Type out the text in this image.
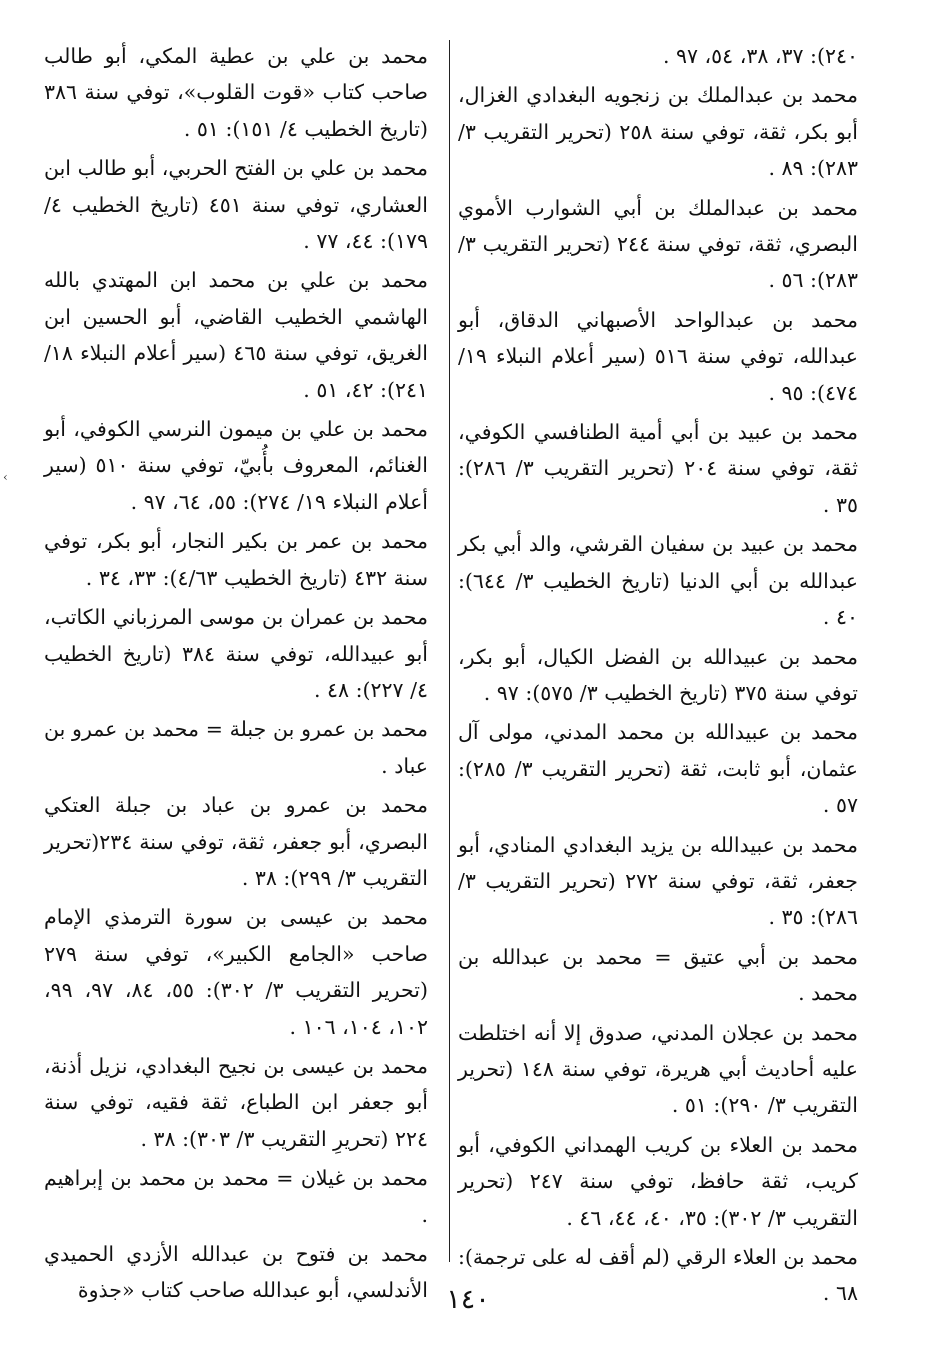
٢٤٠): ٣٧، ٣٨، ٥٤، ٩٧ .

محمد بن عبدالملك بن زنجويه البغدادي الغزال، أبو بكر، ثقة، توفي سنة ٢٥٨ (تحرير التقريب ٣/ ٢٨٣): ٨٩ .

محمد بن عبدالملك بن أبي الشوارب الأموي البصري، ثقة، توفي سنة ٢٤٤ (تحرير التقريب ٣/ ٢٨٣): ٥٦ .

محمد بن عبدالواحد الأصبهاني الدقاق، أبو عبدالله، توفي سنة ٥١٦ (سير أعلام النبلاء ١٩/ ٤٧٤): ٩٥ .

محمد بن عبيد بن أبي أمية الطنافسي الكوفي، ثقة، توفي سنة ٢٠٤ (تحرير التقريب ٣/ ٢٨٦): ٣٥ .

محمد بن عبيد بن سفيان القرشي، والد أبي بكر عبدالله بن أبي الدنيا (تاريخ الخطيب ٣/ ٦٤٤): ٤٠ .

محمد بن عبيدالله بن الفضل الكيال، أبو بكر، توفي سنة ٣٧٥ (تاريخ الخطيب ٣/ ٥٧٥): ٩٧ .

محمد بن عبيدالله بن محمد المدني، مولى آل عثمان، أبو ثابت، ثقة (تحرير التقريب ٣/ ٢٨٥): ٥٧ .

محمد بن عبيدالله بن يزيد البغدادي المنادي، أبو جعفر، ثقة، توفي سنة ٢٧٢ (تحرير التقريب ٣/ ٢٨٦): ٣٥ .

محمد بن أبي عتيق = محمد بن عبدالله بن محمد .

محمد بن عجلان المدني، صدوق إلا أنه اختلطت عليه أحاديث أبي هريرة، توفي سنة ١٤٨ (تحرير التقريب ٣/ ٢٩٠): ٥١ .

محمد بن العلاء بن كريب الهمداني الكوفي، أبو كريب، ثقة حافظ، توفي سنة ٢٤٧ (تحرير التقريب ٣/ ٣٠٢): ٣٥، ٤٠، ٤٤، ٤٦ .

محمد بن العلاء الرقي (لم أقف له على ترجمة): ٦٨ .

محمد بن علي بن عطية المكي، أبو طالب صاحب كتاب «قوت القلوب»، توفي سنة ٣٨٦ (تاريخ الخطيب ٤/ ١٥١): ٥١ .

محمد بن علي بن الفتح الحربي، أبو طالب ابن العشاري، توفي سنة ٤٥١ (تاريخ الخطيب ٤/ ١٧٩): ٤٤، ٧٧ .

محمد بن علي بن محمد ابن المهتدي بالله الهاشمي الخطيب القاضي، أبو الحسين ابن الغريق، توفي سنة ٤٦٥ (سير أعلام النبلاء ١٨/ ٢٤١): ٤٢، ٥١ .

محمد بن علي بن ميمون النرسي الكوفي، أبو الغنائم، المعروف بأُبيّ، توفي سنة ٥١٠ (سير أعلام النبلاء ١٩/ ٢٧٤): ٥٥، ٦٤، ٩٧ .

محمد بن عمر بن بكير النجار، أبو بكر، توفي سنة ٤٣٢ (تاريخ الخطيب ٤/٦٣): ٣٣، ٣٤ .

محمد بن عمران بن موسى المرزباني الكاتب، أبو عبيدالله، توفي سنة ٣٨٤ (تاريخ الخطيب ٤/ ٢٢٧): ٤٨ .

محمد بن عمرو بن جبلة = محمد بن عمرو بن عباد .

محمد بن عمرو بن عباد بن جبلة العتكي البصري، أبو جعفر، ثقة، توفي سنة ٢٣٤(تحرير التقريب ٣/ ٢٩٩): ٣٨ .

محمد بن عيسى بن سورة الترمذي الإمام صاحب «الجامع الكبير»، توفي سنة ٢٧٩ (تحرير التقريب ٣/ ٣٠٢): ٥٥، ٨٤، ٩٧، ٩٩، ١٠٢، ١٠٤، ١٠٦ .

محمد بن عيسى بن نجيح البغدادي، نزيل أذنة، أبو جعفر ابن الطباع، ثقة فقيه، توفي سنة ٢٢٤ (تحريرِ التقريب ٣/ ٣٠٣): ٣٨ .

محمد بن غيلان = محمد بن محمد بن إبراهيم .

محمد بن فتوح بن عبدالله الأزدي الحميدي الأندلسي، أبو عبدالله صاحب كتاب «جذوة

‹
١٤٠
